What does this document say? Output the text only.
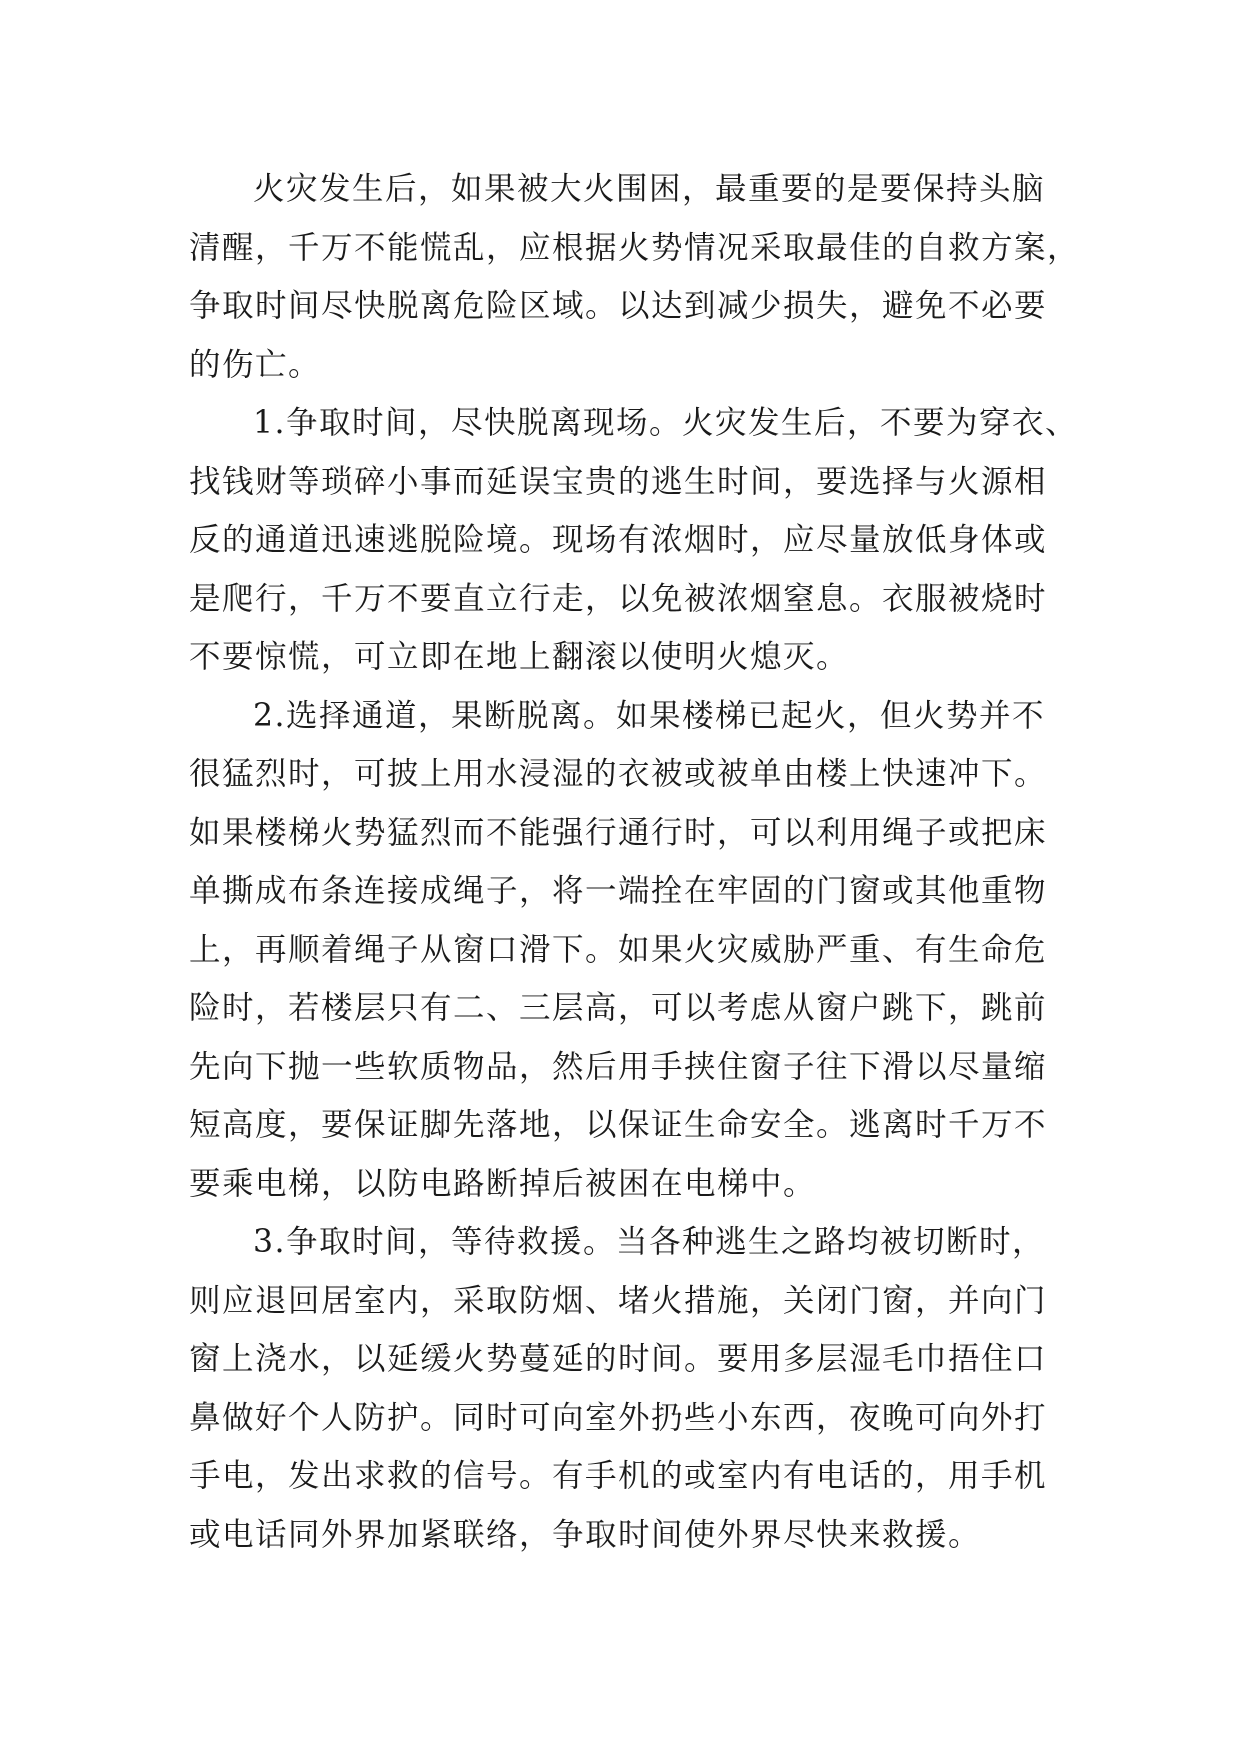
火灾发生后，如果被大火围困，最重要的是要保持头脑
清醒，千万不能慌乱，应根据火势情况采取最佳的自救方案，
争取时间尽快脱离危险区域。以达到减少损失，避免不必要
的伤亡。
1.争取时间，尽快脱离现场。火灾发生后，不要为穿衣、
找钱财等琐碎小事而延误宝贵的逃生时间，要选择与火源相
反的通道迅速逃脱险境。现场有浓烟时，应尽量放低身体或
是爬行，千万不要直立行走，以免被浓烟窒息。衣服被烧时
不要惊慌，可立即在地上翻滚以使明火熄灭。
2.选择通道，果断脱离。如果楼梯已起火，但火势并不
很猛烈时，可披上用水浸湿的衣被或被单由楼上快速冲下。
如果楼梯火势猛烈而不能强行通行时，可以利用绳子或把床
单撕成布条连接成绳子，将一端拴在牢固的门窗或其他重物
上，再顺着绳子从窗口滑下。如果火灾威胁严重、有生命危
险时，若楼层只有二、三层高，可以考虑从窗户跳下，跳前
先向下抛一些软质物品，然后用手挟住窗子往下滑以尽量缩
短高度，要保证脚先落地，以保证生命安全。逃离时千万不
要乘电梯，以防电路断掉后被困在电梯中。
3.争取时间，等待救援。当各种逃生之路均被切断时，
则应退回居室内，采取防烟、堵火措施，关闭门窗，并向门
窗上浇水，以延缓火势蔓延的时间。要用多层湿毛巾捂住口
鼻做好个人防护。同时可向室外扔些小东西，夜晚可向外打
手电，发出求救的信号。有手机的或室内有电话的，用手机
或电话同外界加紧联络，争取时间使外界尽快来救援。
